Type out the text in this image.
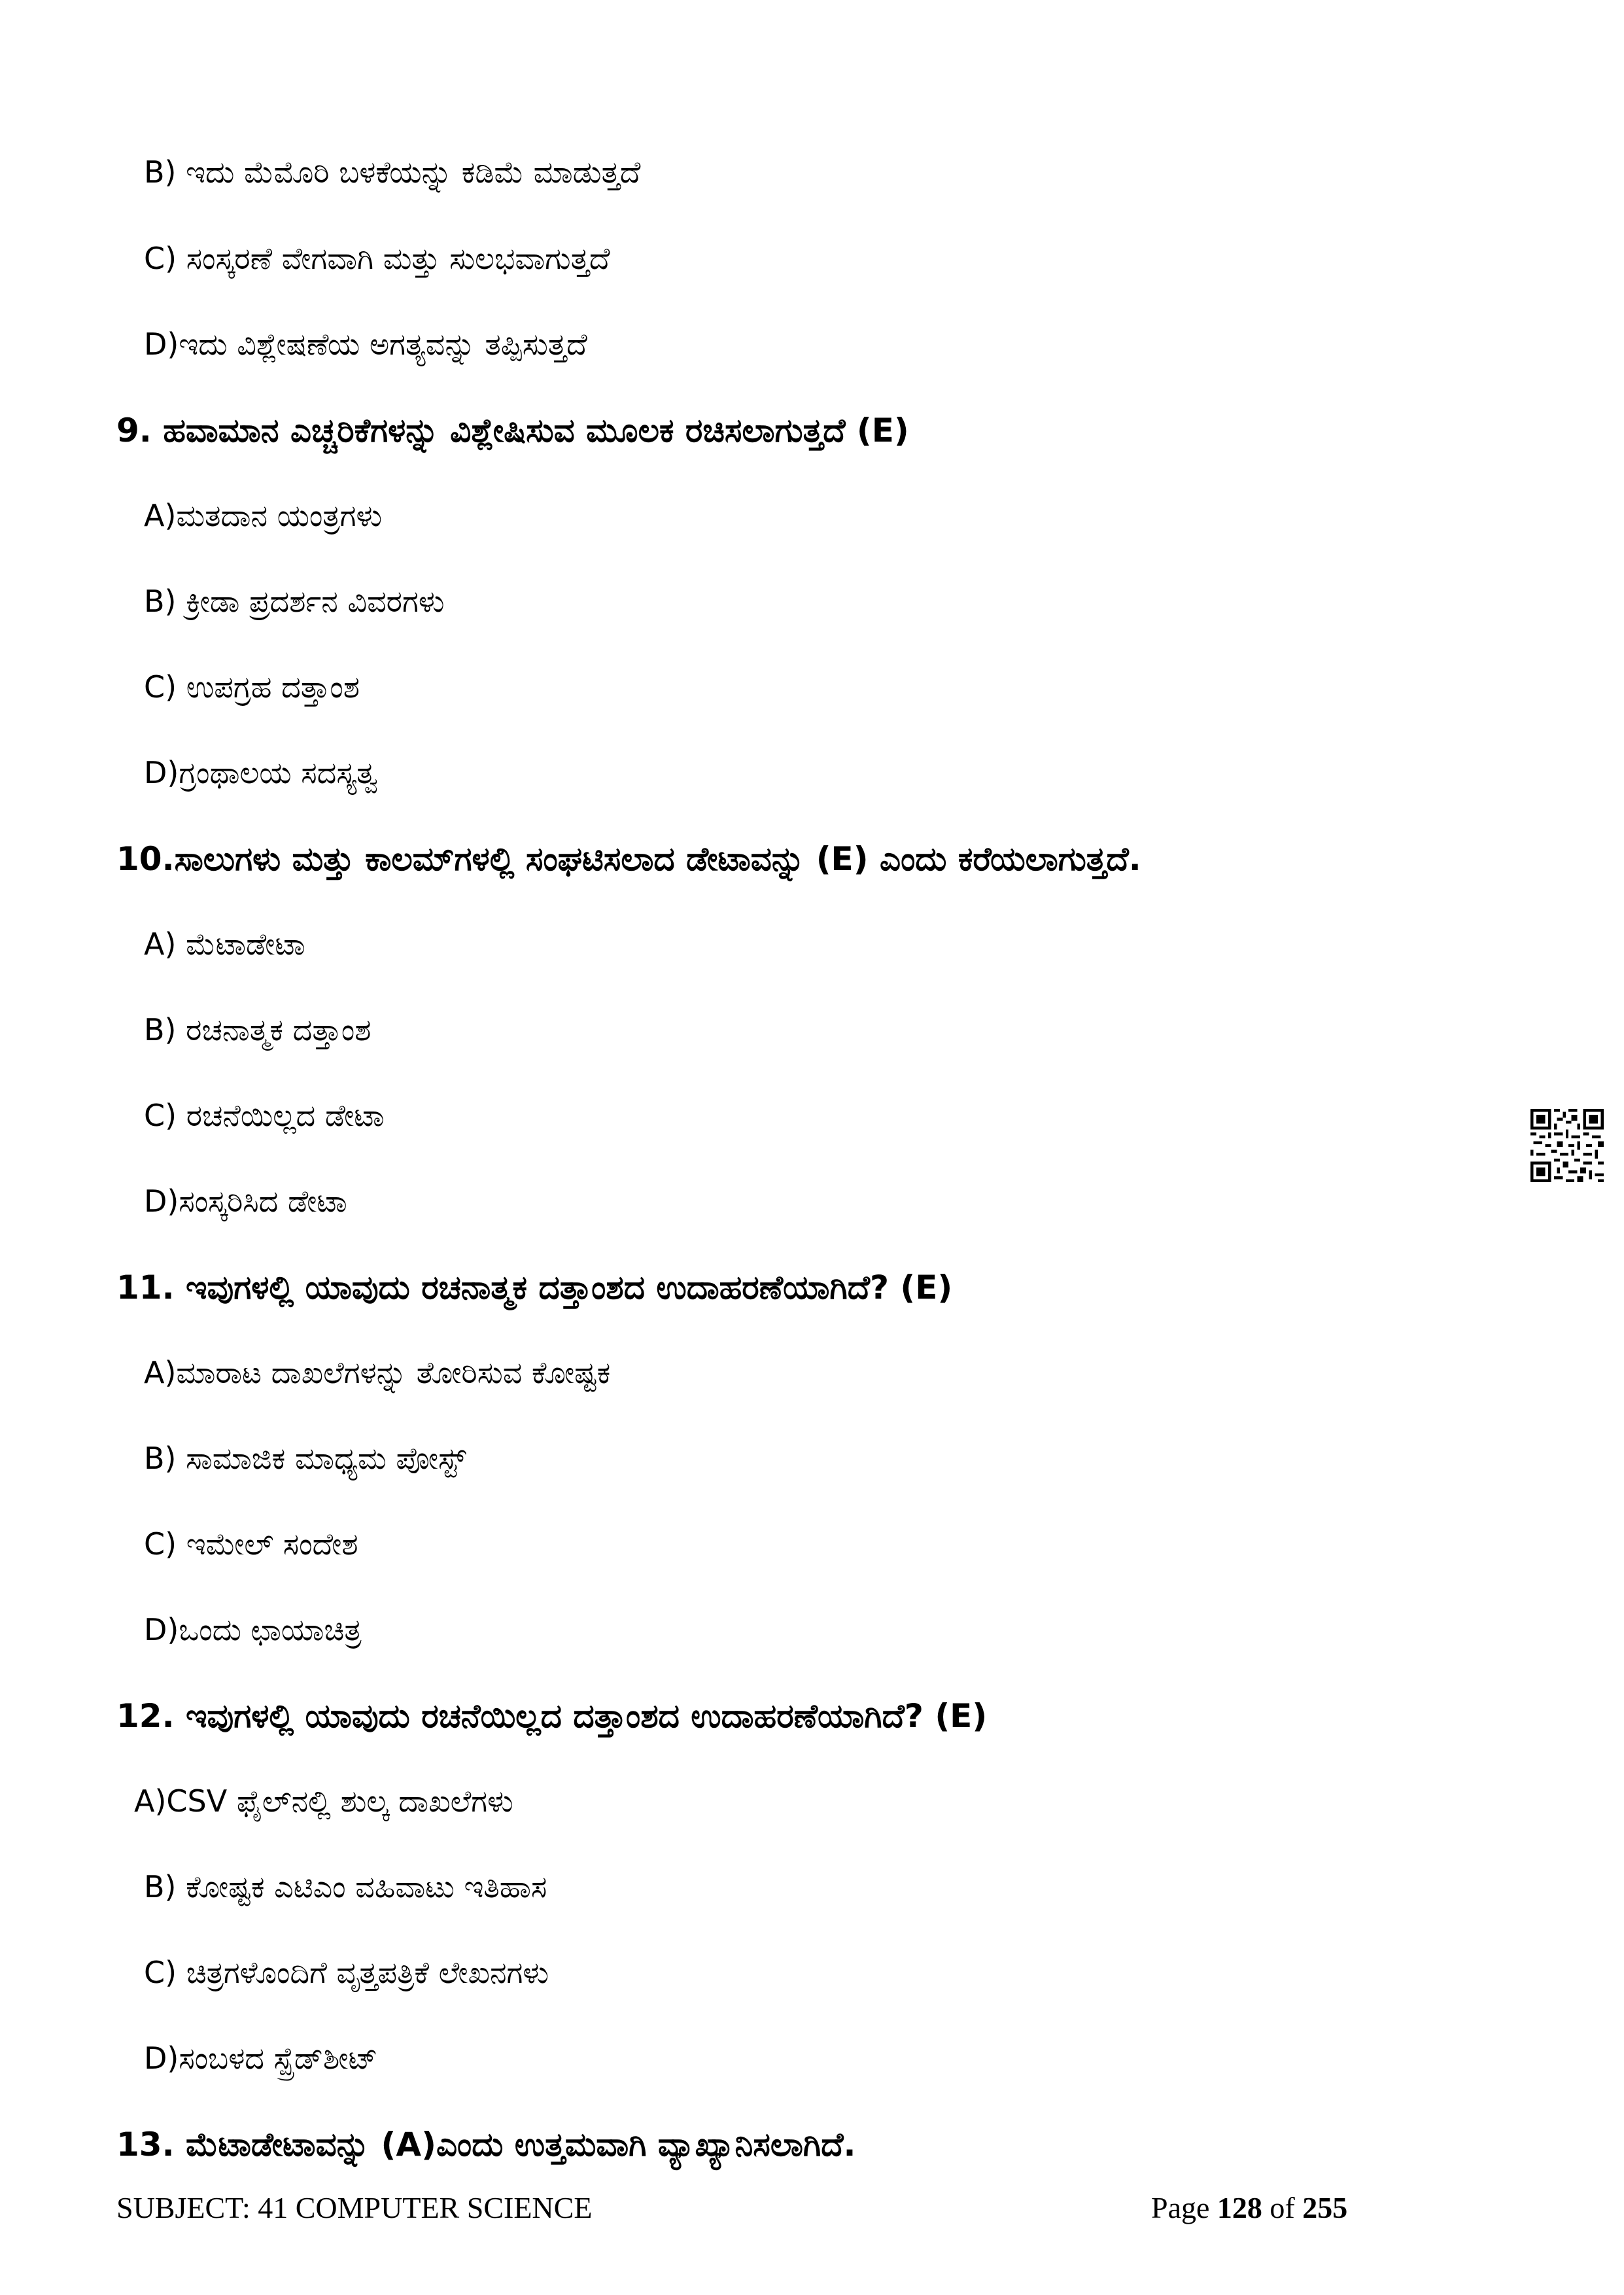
B) ಇದು ಮೆಮೊರಿ ಬಳಕೆಯನ್ನು ಕಡಿಮೆ ಮಾಡುತ್ತದೆ
C) ಸಂಸ್ಕರಣೆ ವೇಗವಾಗಿ ಮತ್ತು ಸುಲಭವಾಗುತ್ತದೆ
D)ಇದು ವಿಶ್ಲೇಷಣೆಯ ಅಗತ್ಯವನ್ನು ತಪ್ಪಿಸುತ್ತದೆ
9. ಹವಾಮಾನ ಎಚ್ಚರಿಕೆಗಳನ್ನು ವಿಶ್ಲೇಷಿಸುವ ಮೂಲಕ ರಚಿಸಲಾಗುತ್ತದೆ (E)
A)ಮತದಾನ ಯಂತ್ರಗಳು
B) ಕ್ರೀಡಾ ಪ್ರದರ್ಶನ ವಿವರಗಳು
C) ಉಪಗ್ರಹ ದತ್ತಾಂಶ
D)ಗ್ರಂಥಾಲಯ ಸದಸ್ಯತ್ವ
10.ಸಾಲುಗಳು ಮತ್ತು ಕಾಲಮ್‌ಗಳಲ್ಲಿ ಸಂಘಟಿಸಲಾದ ಡೇಟಾವನ್ನು (E) ಎಂದು ಕರೆಯಲಾಗುತ್ತದೆ.
A) ಮೆಟಾಡೇಟಾ
B) ರಚನಾತ್ಮಕ ದತ್ತಾಂಶ
C) ರಚನೆಯಿಲ್ಲದ ಡೇಟಾ
D)ಸಂಸ್ಕರಿಸಿದ ಡೇಟಾ
11. ಇವುಗಳಲ್ಲಿ ಯಾವುದು ರಚನಾತ್ಮಕ ದತ್ತಾಂಶದ ಉದಾಹರಣೆಯಾಗಿದೆ? (E)
A)ಮಾರಾಟ ದಾಖಲೆಗಳನ್ನು ತೋರಿಸುವ ಕೋಷ್ಟಕ
B) ಸಾಮಾಜಿಕ ಮಾಧ್ಯಮ ಪೋಸ್ಟ್
C) ಇಮೇಲ್ ಸಂದೇಶ
D)ಒಂದು ಛಾಯಾಚಿತ್ರ
12. ಇವುಗಳಲ್ಲಿ ಯಾವುದು ರಚನೆಯಿಲ್ಲದ ದತ್ತಾಂಶದ ಉದಾಹರಣೆಯಾಗಿದೆ? (E)
A)CSV ಫೈಲ್‌ನಲ್ಲಿ ಶುಲ್ಕ ದಾಖಲೆಗಳು
B) ಕೋಷ್ಟಕ ಎಟಿಎಂ ವಹಿವಾಟು ಇತಿಹಾಸ
C) ಚಿತ್ರಗಳೊಂದಿಗೆ ವೃತ್ತಪತ್ರಿಕೆ ಲೇಖನಗಳು
D)ಸಂಬಳದ ಸ್ಪ್ರೆಡ್‌ಶೀಟ್
13. ಮೆಟಾಡೇಟಾವನ್ನು (A)ಎಂದು ಉತ್ತಮವಾಗಿ ವ್ಯಾಖ್ಯಾನಿಸಲಾಗಿದೆ.
SUBJECT: 41 COMPUTER SCIENCE	Page 128 of 255
